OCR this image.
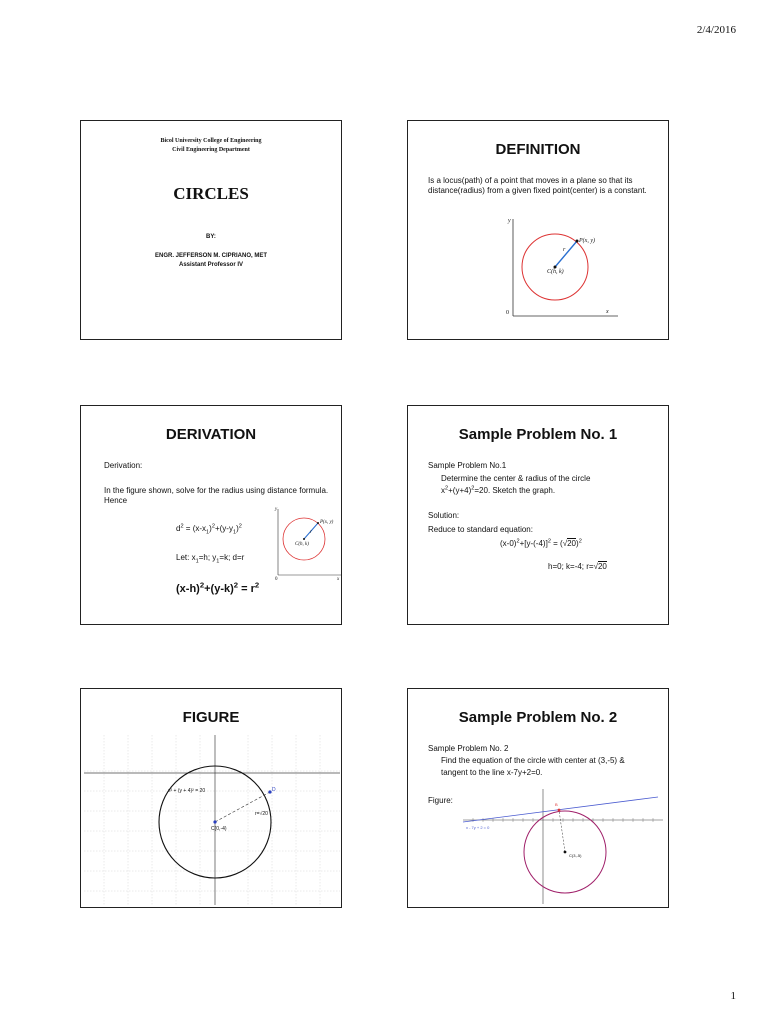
2/4/2016
Bicol University College of Engineering
Civil Engineering Department
CIRCLES
BY:
ENGR. JEFFERSON M. CIPRIANO, MET
Assistant Professor IV
DEFINITION
Is a locus(path) of a point that moves in a plane so that its distance(radius) from a given fixed point(center) is a constant.
y
x
0
P(x, y)
C(h, k)
r
DERIVATION
Derivation:
In the figure shown, solve for the radius using distance formula. Hence
$d^2 = (x-x_1)^2+(y-y_1)^2$
Let: $x_1=h$; $y_1=k$; d=r
$(x-h)^2+(y-k)^2 = r^2$
y
x
0
P(x, y)
C(h, k)
r
Sample Problem No. 1
Sample Problem No.1
Determine the center & radius of the circle
$x^2+(y+4)^2=20$. Sketch the graph.
Solution:
Reduce to standard equation:
$(x-0)^2+[y-(-4)]^2 = (√20)^2$
h=0; k=-4; r=√20
FIGURE
x² + (y + 4)² = 20
C(0,-4)
r=√20
D
Sample Problem No. 2
Sample Problem No. 2
Find the equation of the circle with center at (3,-5) &
tangent to the line x-7y+2=0.
Figure:
x - 7y + 2 = 0
C(3,-5)
B
1
